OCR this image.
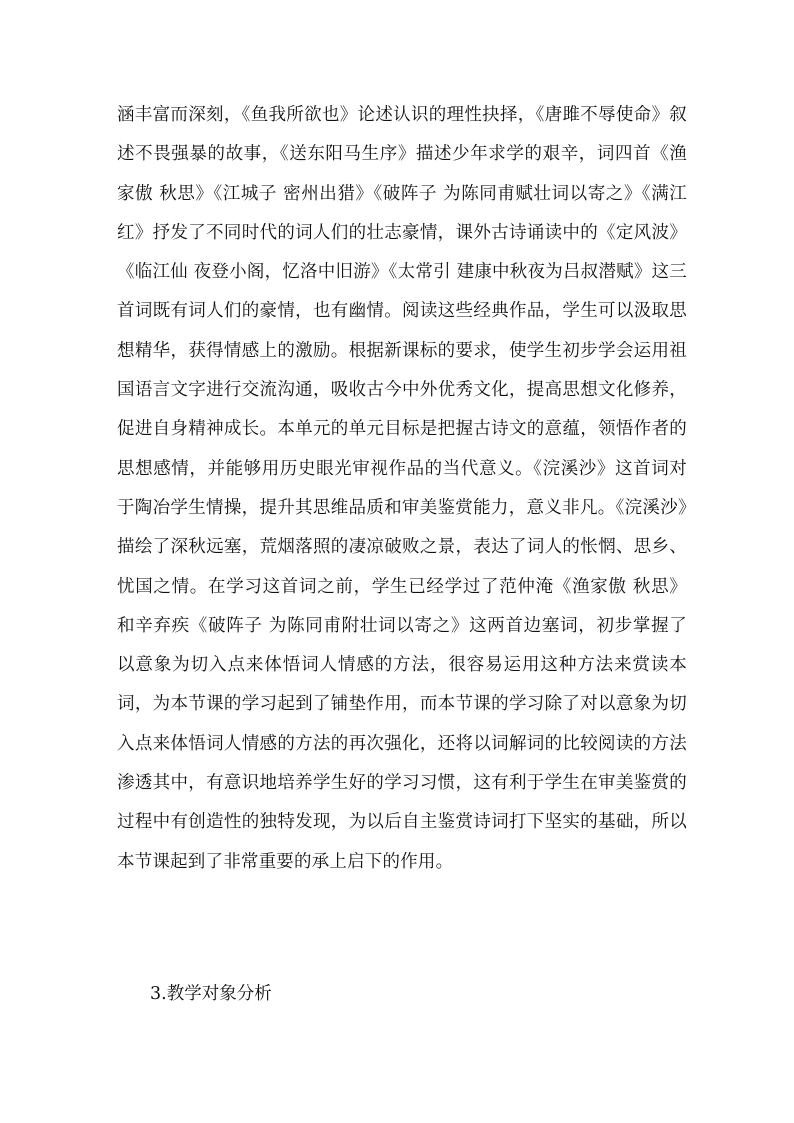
涵丰富而深刻，《鱼我所欲也》论述认识的理性抉择，《唐雎不辱使命》叙述不畏强暴的故事，《送东阳马生序》描述少年求学的艰辛，词四首《渔家傲 秋思》《江城子 密州出猎》《破阵子 为陈同甫赋壮词以寄之》《满江红》抒发了不同时代的词人们的壮志豪情，课外古诗诵读中的《定风波》《临江仙 夜登小阁，忆洛中旧游》《太常引 建康中秋夜为吕叔潜赋》这三首词既有词人们的豪情，也有幽情。阅读这些经典作品，学生可以汲取思想精华，获得情感上的激励。根据新课标的要求，使学生初步学会运用祖国语言文字进行交流沟通，吸收古今中外优秀文化，提高思想文化修养，促进自身精神成长。本单元的单元目标是把握古诗文的意蕴，领悟作者的思想感情，并能够用历史眼光审视作品的当代意义。《浣溪沙》这首词对于陶冶学生情操，提升其思维品质和审美鉴赏能力，意义非凡。《浣溪沙》描绘了深秋远塞，荒烟落照的凄凉破败之景，表达了词人的怅惘、思乡、忧国之情。在学习这首词之前，学生已经学过了范仲淹《渔家傲 秋思》和辛弃疾《破阵子 为陈同甫附壮词以寄之》这两首边塞词，初步掌握了以意象为切入点来体悟词人情感的方法，很容易运用这种方法来赏读本词，为本节课的学习起到了铺垫作用，而本节课的学习除了对以意象为切入点来体悟词人情感的方法的再次强化，还将以词解词的比较阅读的方法渗透其中，有意识地培养学生好的学习习惯，这有利于学生在审美鉴赏的过程中有创造性的独特发现，为以后自主鉴赏诗词打下坚实的基础，所以本节课起到了非常重要的承上启下的作用。

3.教学对象分析
